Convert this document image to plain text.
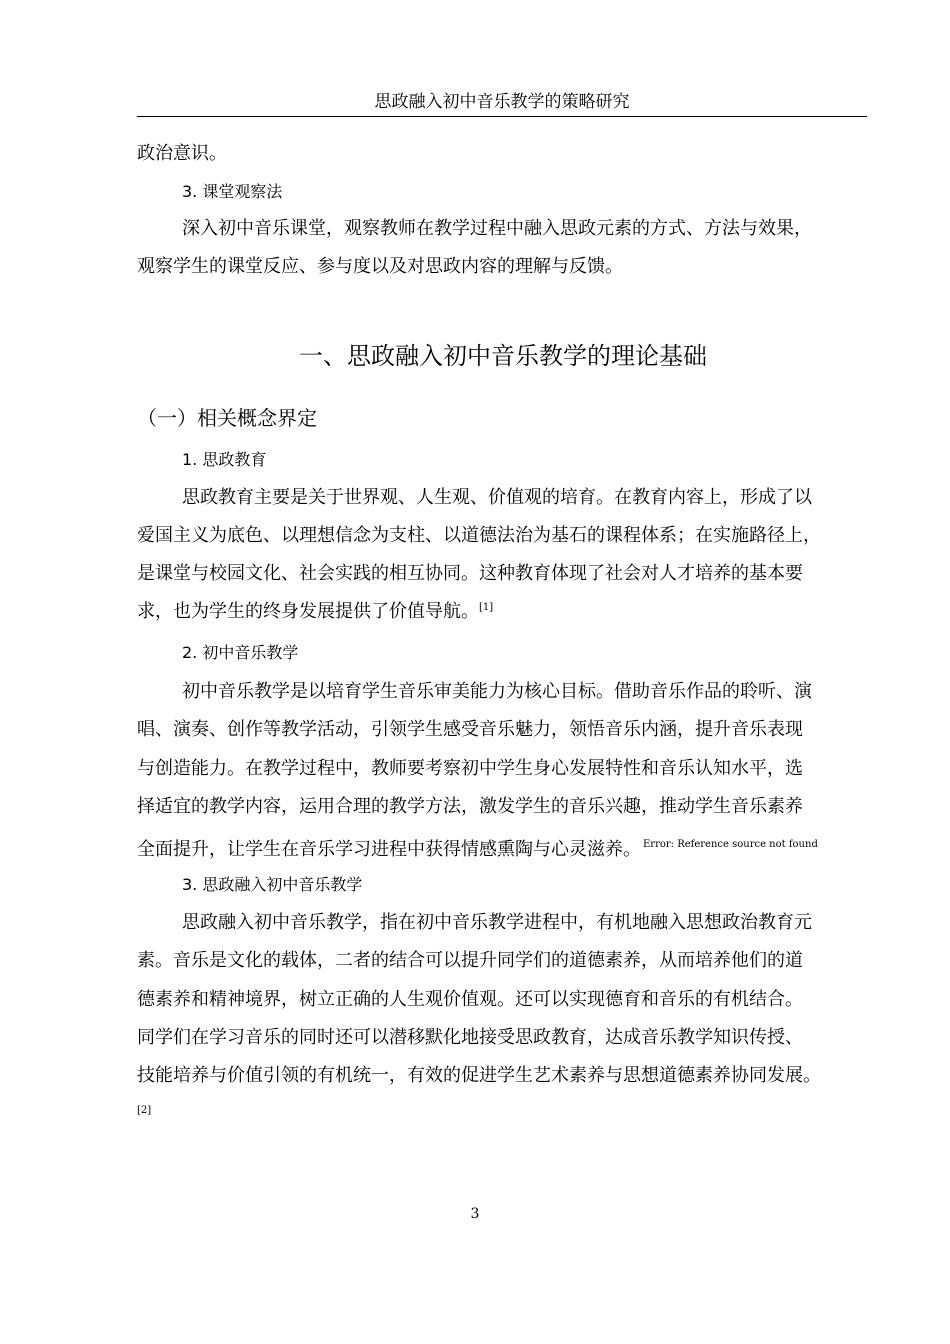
思政融入初中音乐教学的策略研究
政治意识。
3. 课堂观察法
深入初中音乐课堂，观察教师在教学过程中融入思政元素的方式、方法与效果，
观察学生的课堂反应、参与度以及对思政内容的理解与反馈。
一、思政融入初中音乐教学的理论基础
（一）相关概念界定
1. 思政教育
思政教育主要是关于世界观、人生观、价值观的培育。在教育内容上，形成了以
爱国主义为底色、以理想信念为支柱、以道德法治为基石的课程体系；在实施路径上，
是课堂与校园文化、社会实践的相互协同。这种教育体现了社会对人才培养的基本要
求，也为学生的终身发展提供了价值导航。[1]
2. 初中音乐教学
初中音乐教学是以培育学生音乐审美能力为核心目标。借助音乐作品的聆听、演
唱、演奏、创作等教学活动，引领学生感受音乐魅力，领悟音乐内涵，提升音乐表现
与创造能力。在教学过程中，教师要考察初中学生身心发展特性和音乐认知水平，选
择适宜的教学内容，运用合理的教学方法，激发学生的音乐兴趣，推动学生音乐素养
全面提升，让学生在音乐学习进程中获得情感熏陶与心灵滋养。 $^{Error: Reference source not found}$
3. 思政融入初中音乐教学
思政融入初中音乐教学，指在初中音乐教学进程中，有机地融入思想政治教育元
素。音乐是文化的载体，二者的结合可以提升同学们的道德素养，从而培养他们的道
德素养和精神境界，树立正确的人生观价值观。还可以实现德育和音乐的有机结合。
同学们在学习音乐的同时还可以潜移默化地接受思政教育，达成音乐教学知识传授、
技能培养与价值引领的有机统一，有效的促进学生艺术素养与思想道德素养协同发展。
[2]
3
